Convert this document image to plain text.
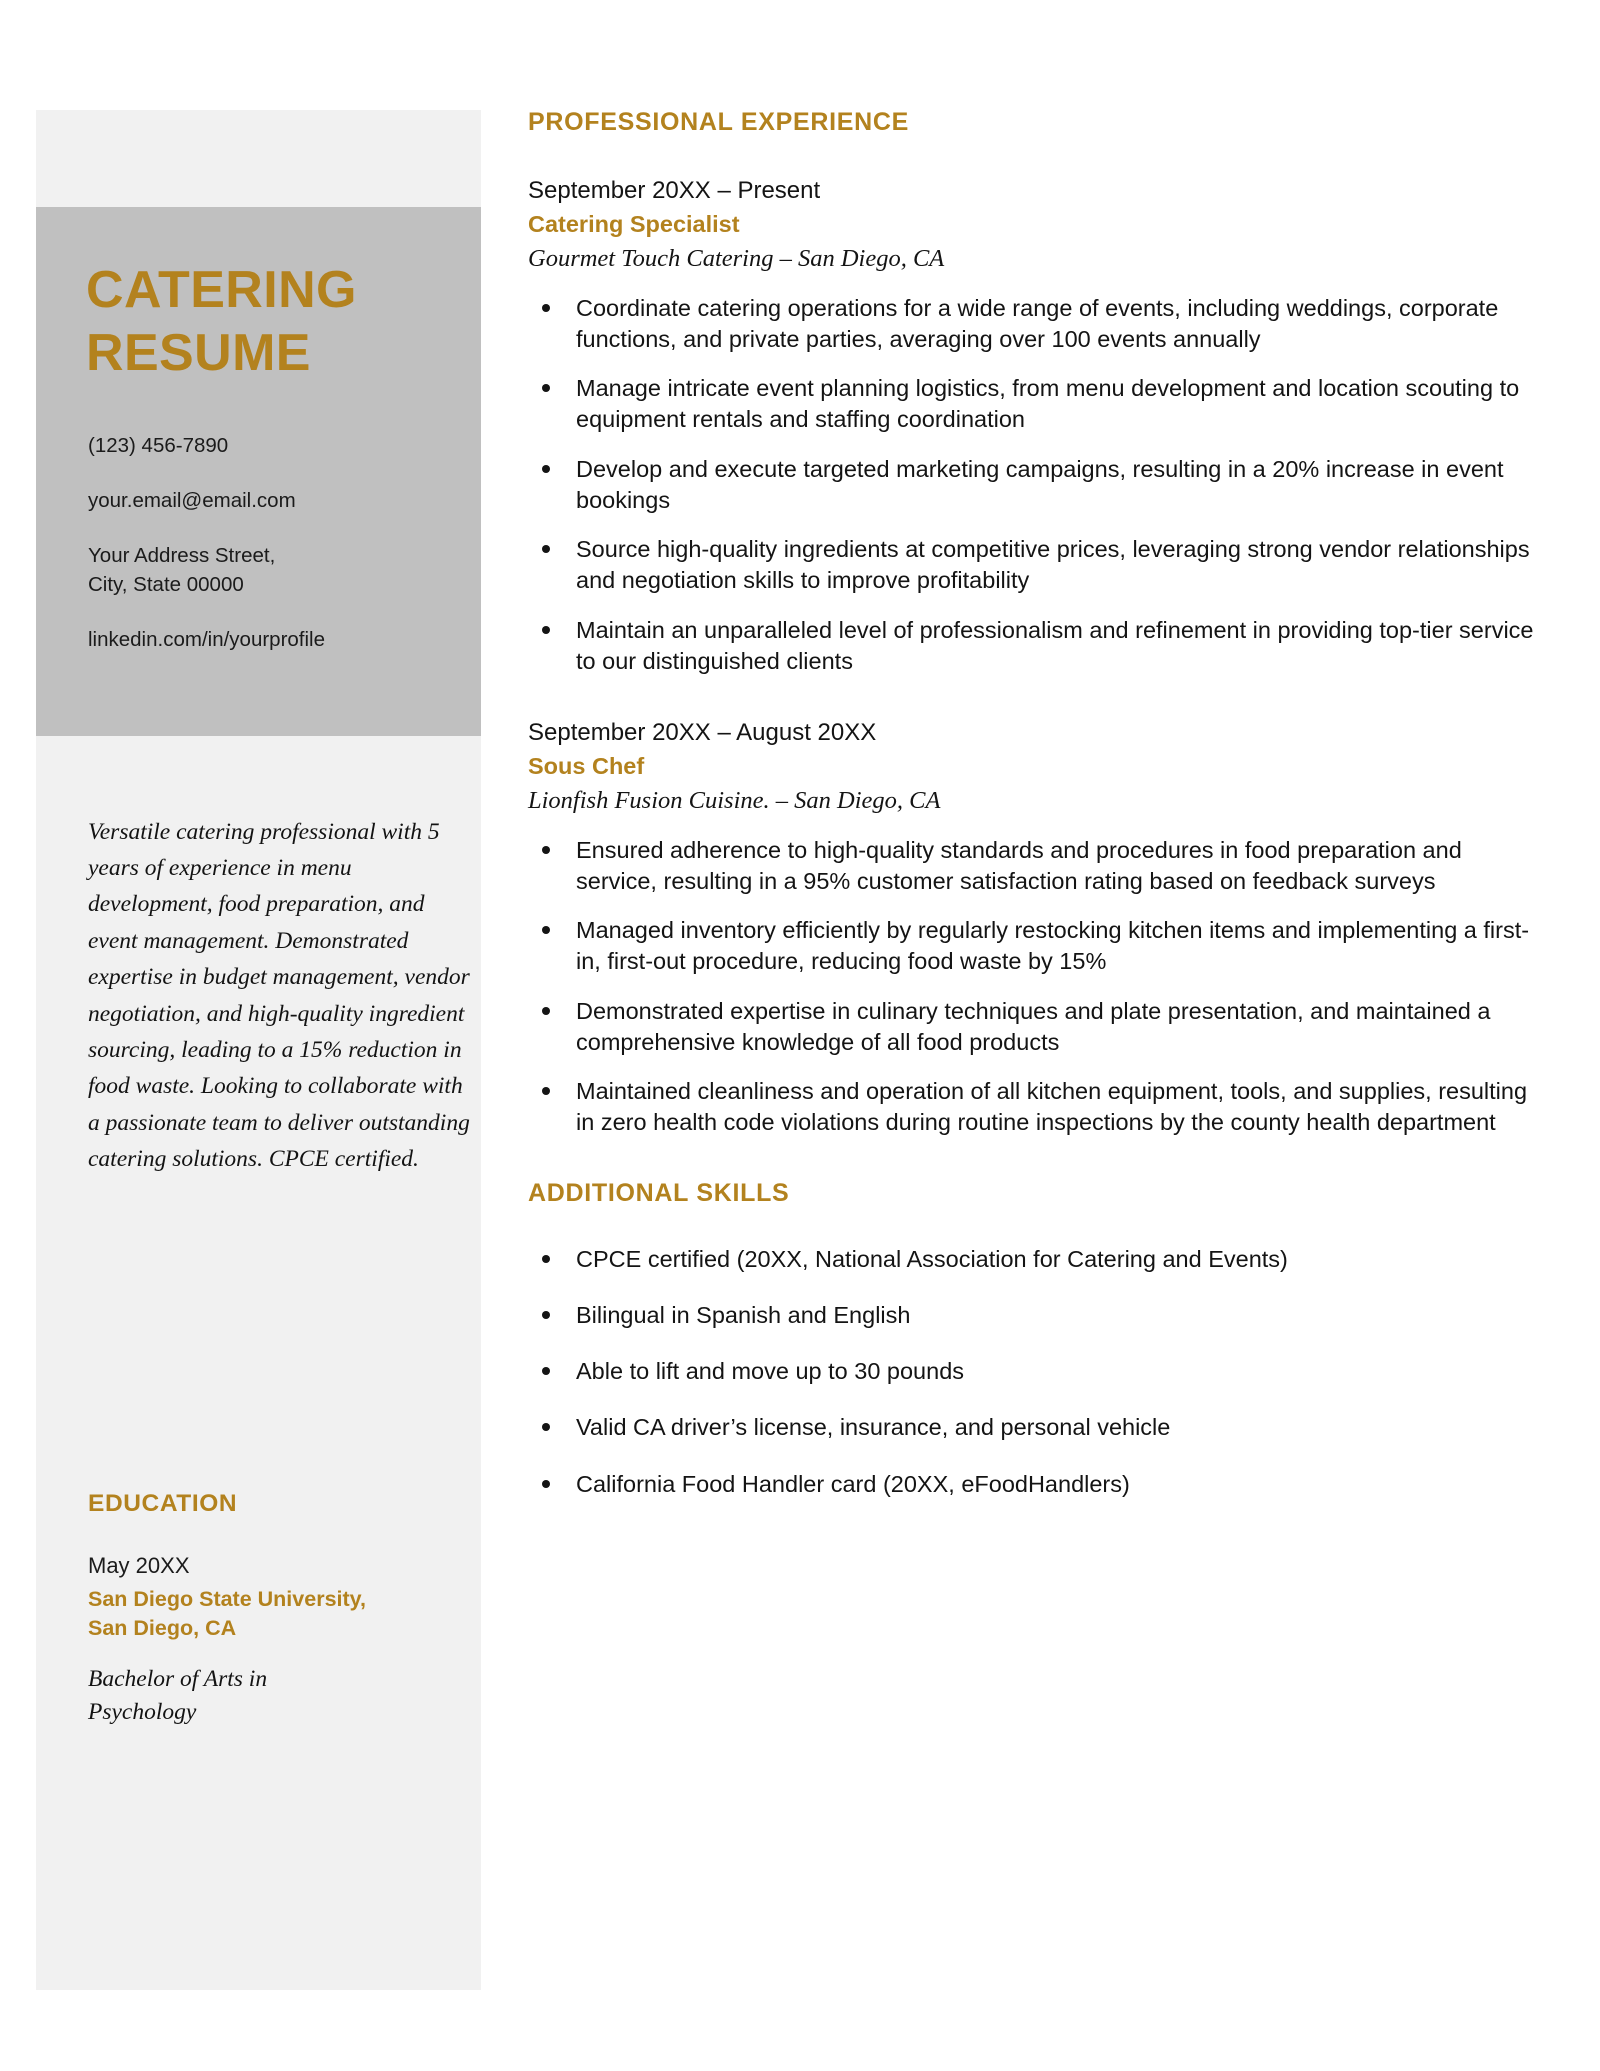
CATERING
RESUME
(123) 456-7890
your.email@email.com
Your Address Street,
City, State 00000
linkedin.com/in/yourprofile

Versatile catering professional with 5 years of experience in menu development, food preparation, and event management. Demonstrated expertise in budget management, vendor negotiation, and high-quality ingredient sourcing, leading to a 15% reduction in food waste. Looking to collaborate with a passionate team to deliver outstanding catering solutions. CPCE certified.

EDUCATION
May 20XX
San Diego State University,
San Diego, CA
Bachelor of Arts in
Psychology
PROFESSIONAL EXPERIENCE
September 20XX – Present
Catering Specialist
Gourmet Touch Catering – San Diego, CA
Coordinate catering operations for a wide range of events, including weddings, corporate functions, and private parties, averaging over 100 events annually
Manage intricate event planning logistics, from menu development and location scouting to equipment rentals and staffing coordination
Develop and execute targeted marketing campaigns, resulting in a 20% increase in event bookings
Source high-quality ingredients at competitive prices, leveraging strong vendor relationships and negotiation skills to improve profitability
Maintain an unparalleled level of professionalism and refinement in providing top-tier service to our distinguished clients
September 20XX – August 20XX
Sous Chef
Lionfish Fusion Cuisine. – San Diego, CA
Ensured adherence to high-quality standards and procedures in food preparation and service, resulting in a 95% customer satisfaction rating based on feedback surveys
Managed inventory efficiently by regularly restocking kitchen items and implementing a first-in, first-out procedure, reducing food waste by 15%
Demonstrated expertise in culinary techniques and plate presentation, and maintained a comprehensive knowledge of all food products
Maintained cleanliness and operation of all kitchen equipment, tools, and supplies, resulting in zero health code violations during routine inspections by the county health department
ADDITIONAL SKILLS
CPCE certified (20XX, National Association for Catering and Events)
Bilingual in Spanish and English
Able to lift and move up to 30 pounds
Valid CA driver’s license, insurance, and personal vehicle
California Food Handler card (20XX, eFoodHandlers)
